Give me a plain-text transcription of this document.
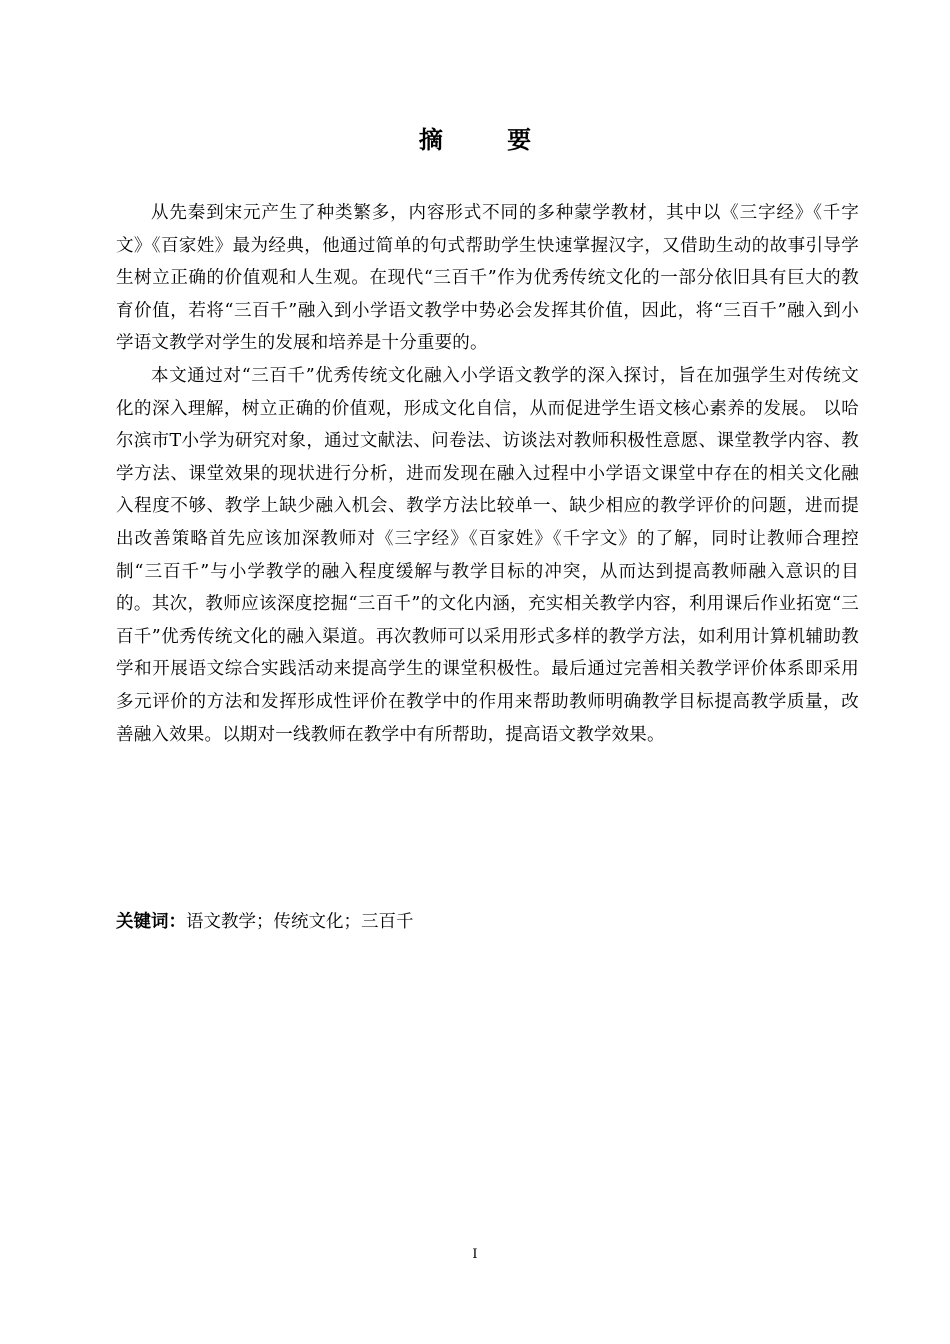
摘 要

从先秦到宋元产生了种类繁多，内容形式不同的多种蒙学教材，其中以《三字经》《千字文》《百家姓》最为经典，他通过简单的句式帮助学生快速掌握汉字，又借助生动的故事引导学生树立正确的价值观和人生观。在现代“三百千”作为优秀传统文化的一部分依旧具有巨大的教育价值，若将“三百千”融入到小学语文教学中势必会发挥其价值，因此，将“三百千”融入到小学语文教学对学生的发展和培养是十分重要的。

本文通过对“三百千”优秀传统文化融入小学语文教学的深入探讨，旨在加强学生对传统文化的深入理解，树立正确的价值观，形成文化自信，从而促进学生语文核心素养的发展。 以哈尔滨市T小学为研究对象，通过文献法、问卷法、访谈法对教师积极性意愿、课堂教学内容、教学方法、课堂效果的现状进行分析，进而发现在融入过程中小学语文课堂中存在的相关文化融入程度不够、教学上缺少融入机会、教学方法比较单一、缺少相应的教学评价的问题，进而提出改善策略首先应该加深教师对《三字经》《百家姓》《千字文》的了解，同时让教师合理控制“三百千”与小学教学的融入程度缓解与教学目标的冲突，从而达到提高教师融入意识的目的。其次，教师应该深度挖掘“三百千”的文化内涵，充实相关教学内容，利用课后作业拓宽“三百千”优秀传统文化的融入渠道。再次教师可以采用形式多样的教学方法，如利用计算机辅助教学和开展语文综合实践活动来提高学生的课堂积极性。最后通过完善相关教学评价体系即采用多元评价的方法和发挥形成性评价在教学中的作用来帮助教师明确教学目标提高教学质量，改善融入效果。以期对一线教师在教学中有所帮助，提高语文教学效果。

关键词：语文教学；传统文化；三百千
I
